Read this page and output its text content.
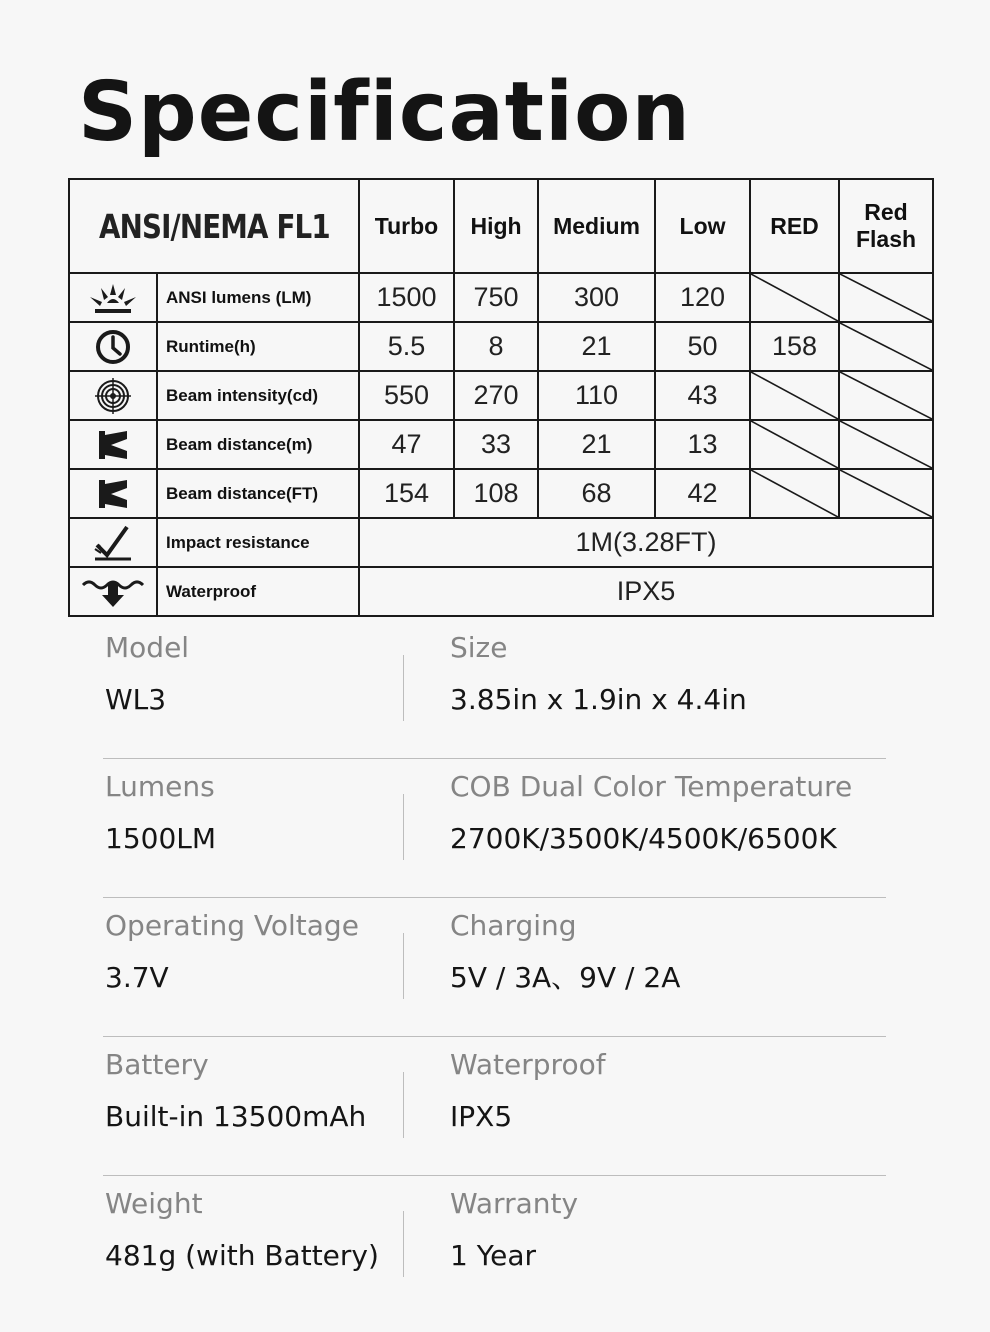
Specification
ANSI/NEMA FL1		Turbo	High	Medium	Low	RED	Red Flash

	ANSI lumens (LM)	1500	750	300	120	

	Runtime(h)	5.5	8	21	50	158	

	Beam intensity(cd)	550	270	110	43	

	Beam distance(m)	47	33	21	13	

	Beam distance(FT)	154	108	68	42	

	Impact resistance	1M(3.28FT)					

	Waterproof	IPX5					
Model
WL3
Size
3.85in x 1.9in x 4.4in
Lumens
1500LM
COB Dual Color Temperature
2700K/3500K/4500K/6500K
Operating Voltage
3.7V
Charging
5V / 3A、9V / 2A
Battery
Built-in 13500mAh
Waterproof
IPX5
Weight
481g (with Battery)
Warranty
1 Year
